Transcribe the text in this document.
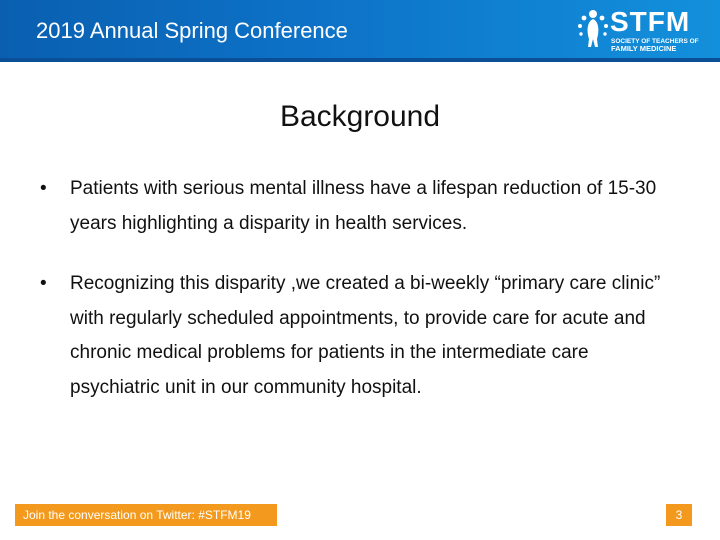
2019 Annual Spring Conference	STFM
SOCIETY OF TEACHERS OF
FAMILY MEDICINE
Background
• Patients with serious mental illness have a lifespan reduction of 15-30 years highlighting a disparity in health services.
• Recognizing this disparity ,we created a bi-weekly “primary care clinic” with regularly scheduled appointments, to provide care for acute and chronic medical problems for patients in the intermediate care psychiatric unit in our community hospital.
Join the conversation on Twitter: #STFM19	3
